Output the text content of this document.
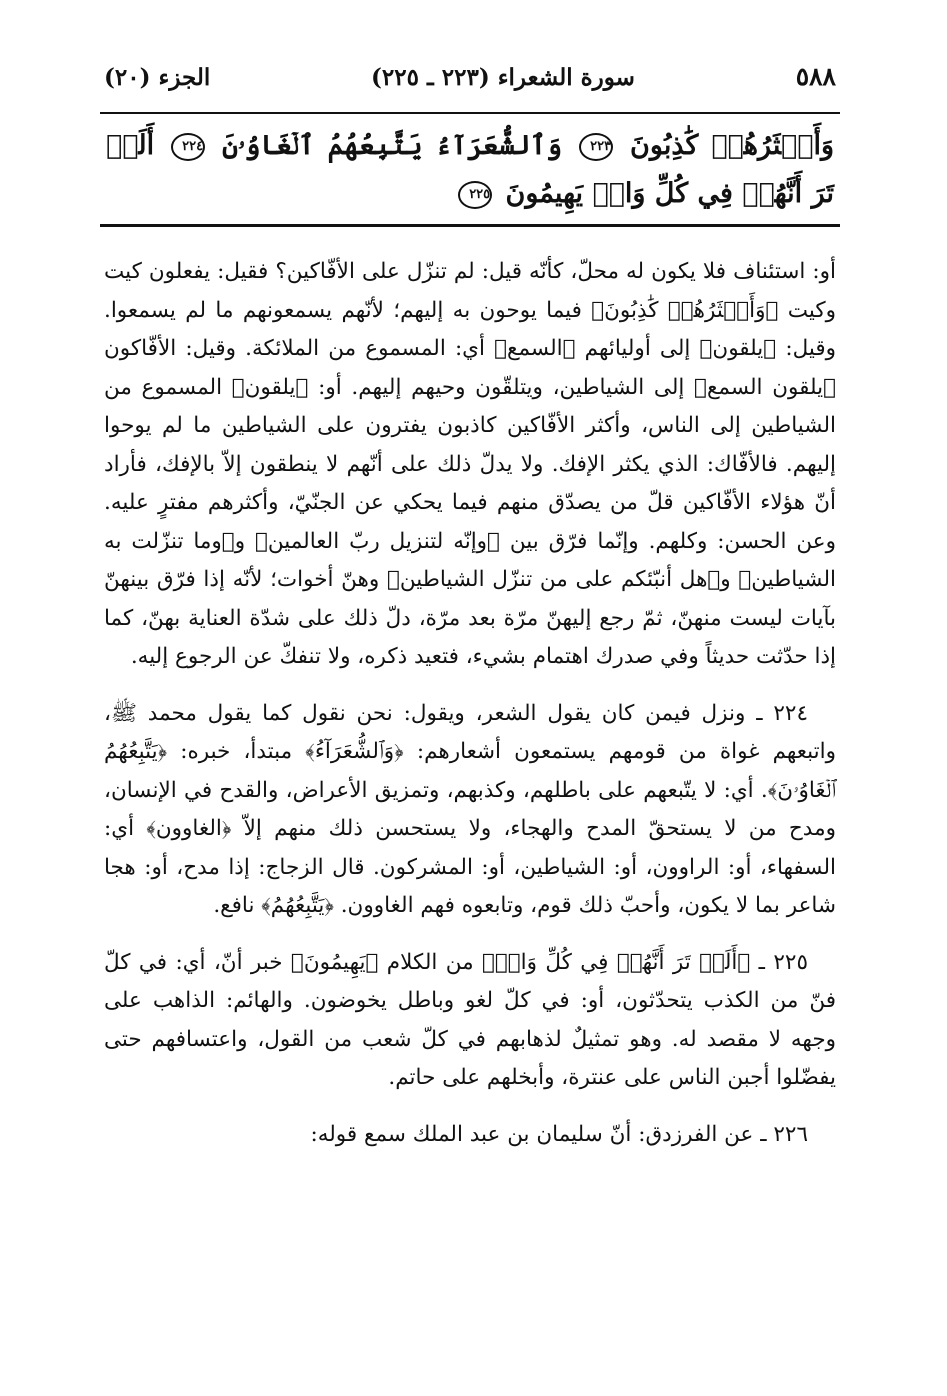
٥٨٨
سورة الشعراء (٢٢٣ ـ ٢٢٥)
الجزء (٢٠)
وَأَكۡثَرُهُمۡ كَٰذِبُونَ ٢٢٣ وَٱلشُّعَرَآءُ يَتَّبِعُهُمُ ٱلۡغَاوُۥنَ ٢٢٤ أَلَمۡ تَرَ أَنَّهُمۡ فِي كُلِّ وَادٖ يَهِيمُونَ ٢٢٥

أو: استئناف فلا يكون له محلّ، كأنّه قيل: لم تنزّل على الأفّاكين؟ فقيل: يفعلون كيت وكيت ﴿وَأَكۡثَرُهُمۡ كَٰذِبُونَ﴾ فيما يوحون به إليهم؛ لأنّهم يسمعونهم ما لم يسمعوا. وقيل: ﴿يلقون﴾ إلى أوليائهم ﴿السمع﴾ أي: المسموع من الملائكة. وقيل: الأفّاكون ﴿يلقون السمع﴾ إلى الشياطين، ويتلقّون وحيهم إليهم. أو: ﴿يلقون﴾ المسموع من الشياطين إلى الناس، وأكثر الأفّاكين كاذبون يفترون على الشياطين ما لم يوحوا إليهم. فالأفّاك: الذي يكثر الإفك. ولا يدلّ ذلك على أنّهم لا ينطقون إلاّ بالإفك، فأراد أنّ هؤلاء الأفّاكين قلّ من يصدّق منهم فيما يحكي عن الجنّيّ، وأكثرهم مفترٍ عليه. وعن الحسن: وكلهم. وإنّما فرّق بين ﴿وإنّه لتنزيل ربّ العالمين﴾ و﴿وما تنزّلت به الشياطين﴾ و﴿هل أنبّئكم على من تنزّل الشياطين﴾ وهنّ أخوات؛ لأنّه إذا فرّق بينهنّ بآيات ليست منهنّ، ثمّ رجع إليهنّ مرّة بعد مرّة، دلّ ذلك على شدّة العناية بهنّ، كما إذا حدّثت حديثاً وفي صدرك اهتمام بشيء، فتعيد ذكره، ولا تنفكّ عن الرجوع إليه.

٢٢٤ ـ ونزل فيمن كان يقول الشعر، ويقول: نحن نقول كما يقول محمد ﷺ، واتبعهم غواة من قومهم يستمعون أشعارهم: ﴿وَٱلشُّعَرَآءُ﴾ مبتدأ، خبره: ﴿يَتَّبِعُهُمُ ٱلۡغَاوُۥنَ﴾. أي: لا يتّبعهم على باطلهم، وكذبهم، وتمزيق الأعراض، والقدح في الإنسان، ومدح من لا يستحقّ المدح والهجاء، ولا يستحسن ذلك منهم إلاّ ﴿الغاوون﴾ أي: السفهاء، أو: الراوون، أو: الشياطين، أو: المشركون. قال الزجاج: إذا مدح، أو: هجا شاعر بما لا يكون، وأحبّ ذلك قوم، وتابعوه فهم الغاوون. ﴿يَتَّبِعُهُمُ﴾ نافع.

٢٢٥ ـ ﴿أَلَمۡ تَرَ أَنَّهُمۡ فِي كُلِّ وَادٖ﴾ من الكلام ﴿يَهِيمُونَ﴾ خبر أنّ، أي: في كلّ فنّ من الكذب يتحدّثون، أو: في كلّ لغو وباطل يخوضون. والهائم: الذاهب على وجهه لا مقصد له. وهو تمثيلٌ لذهابهم في كلّ شعب من القول، واعتسافهم حتى يفضّلوا أجبن الناس على عنترة، وأبخلهم على حاتم.

٢٢٦ ـ عن الفرزدق: أنّ سليمان بن عبد الملك سمع قوله:
